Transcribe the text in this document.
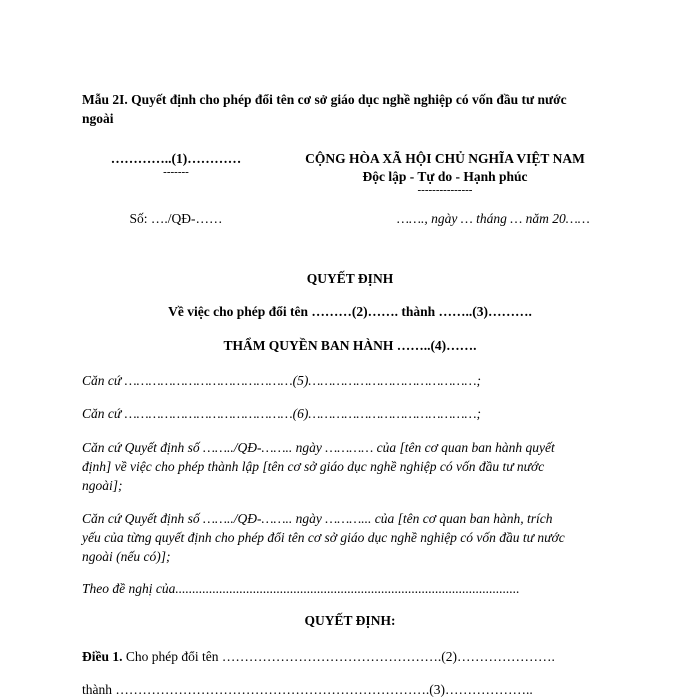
Mẫu 2I. Quyết định cho phép đổi tên cơ sở giáo dục nghề nghiệp có vốn đầu tư nước
ngoài
…………..(1)…………
-------
Số: …./QĐ-……
CỘNG HÒA XÃ HỘI CHỦ NGHĨA VIỆT NAM
Độc lập - Tự do - Hạnh phúc
---------------
……., ngày … tháng … năm 20……
QUYẾT ĐỊNH
Về việc cho phép đổi tên ………(2)……. thành ……..(3)……….
THẨM QUYỀN BAN HÀNH ……..(4)…….
Căn cứ ……………………………………(5)……………………………………;
Căn cứ ……………………………………(6)……………………………………;
Căn cứ Quyết định số ……../QĐ-…….. ngày ………… của [tên cơ quan ban hành quyết
định] về việc cho phép thành lập [tên cơ sở giáo dục nghề nghiệp có vốn đầu tư nước
ngoài];
Căn cứ Quyết định số ……../QĐ-…….. ngày ………... của [tên cơ quan ban hành, trích
yếu của từng quyết định cho phép đổi tên cơ sở giáo dục nghề nghiệp có vốn đầu tư nước
ngoài (nếu có)];
Theo đề nghị của......................................................................................................
QUYẾT ĐỊNH:
Điều 1. Cho phép đổi tên ………………………………………….(2)………………….
thành …………………………………………………………….(3)………………..
